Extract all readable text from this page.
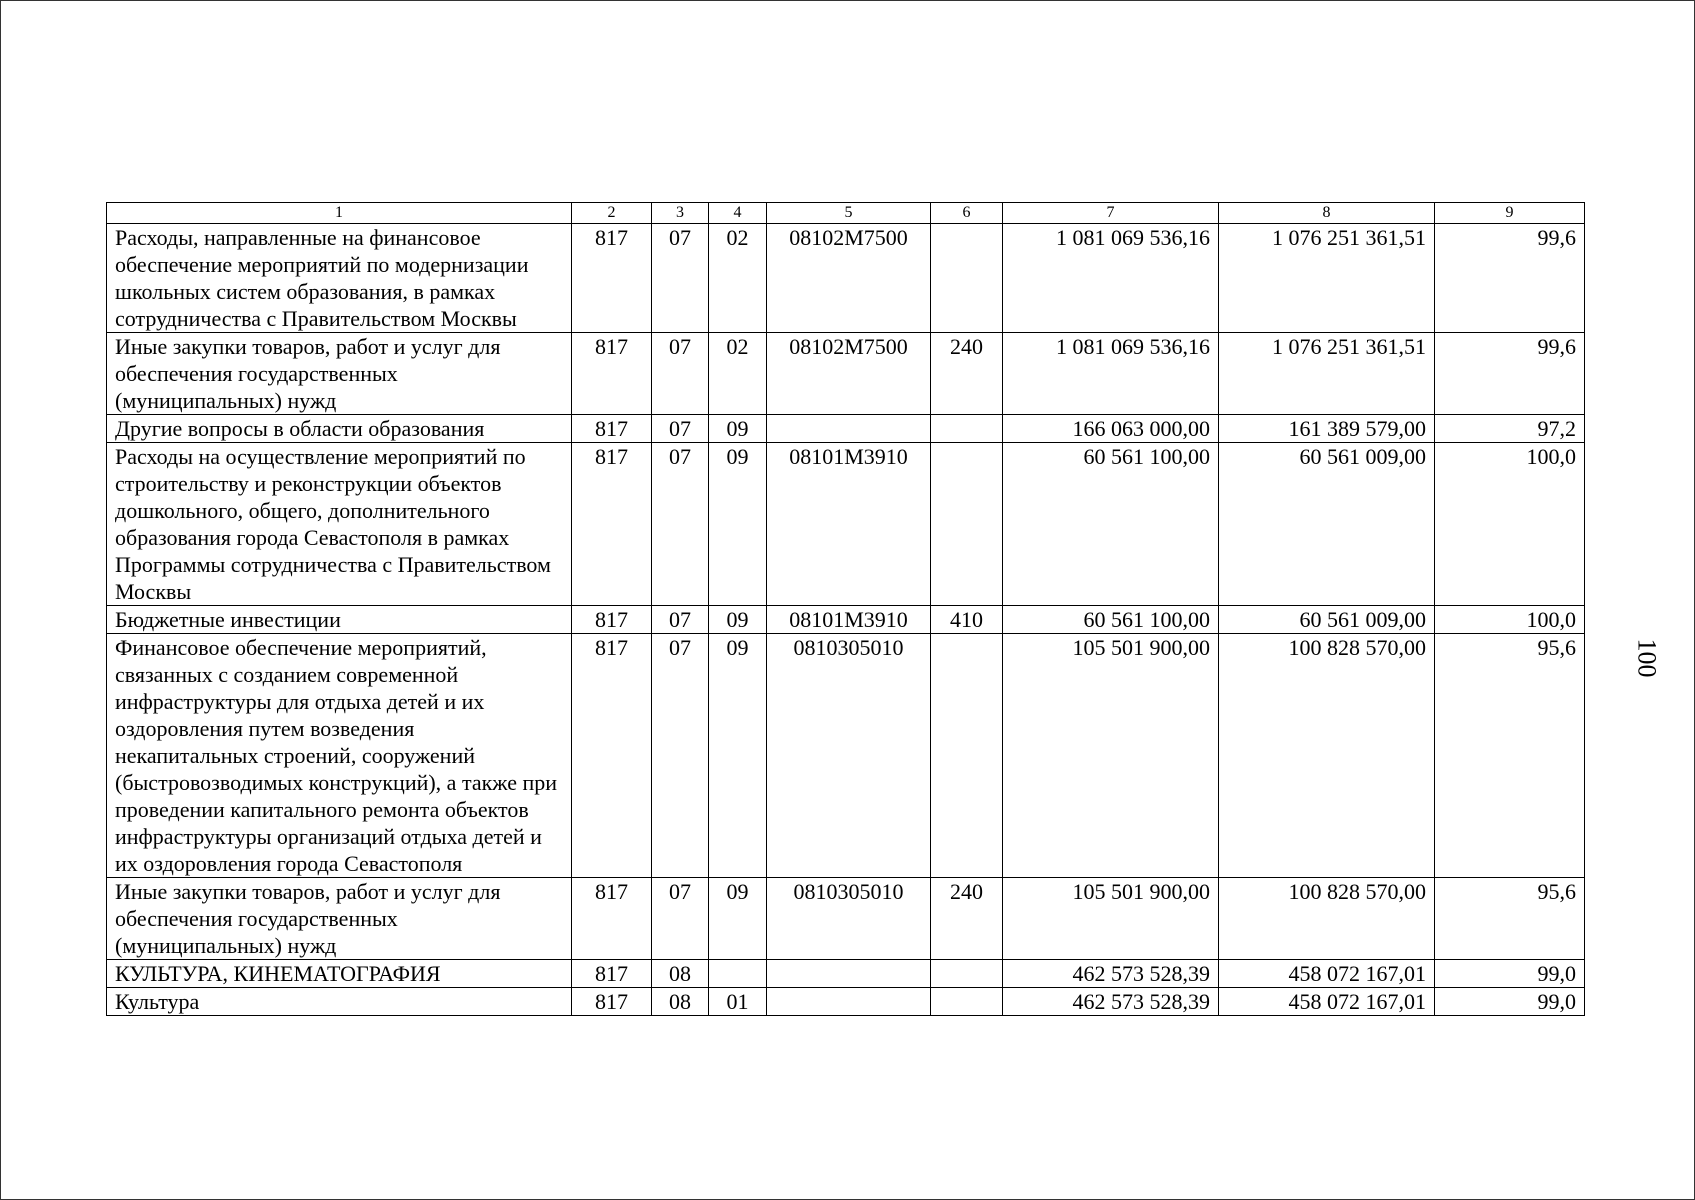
1	2	3	4	5	6	7	8	9
Расходы, направленные на финансовое обеспечение мероприятий по модернизации школьных систем образования, в рамках сотрудничества с Правительством Москвы	817	07	02	08102М7500		1 081 069 536,16	1 076 251 361,51	99,6
Иные закупки товаров, работ и услуг для обеспечения государственных (муниципальных) нужд	817	07	02	08102М7500	240	1 081 069 536,16	1 076 251 361,51	99,6
Другие вопросы в области образования	817	07	09			166 063 000,00	161 389 579,00	97,2
Расходы на осуществление мероприятий по строительству и реконструкции объектов дошкольного, общего, дополнительного образования города Севастополя в рамках Программы сотрудничества с Правительством Москвы	817	07	09	08101М3910		60 561 100,00	60 561 009,00	100,0
Бюджетные инвестиции	817	07	09	08101М3910	410	60 561 100,00	60 561 009,00	100,0
Финансовое обеспечение мероприятий, связанных с созданием современной инфраструктуры для отдыха детей и их оздоровления путем возведения некапитальных строений, сооружений (быстровозводимых конструкций), а также при проведении капитального ремонта объектов инфраструктуры организаций отдыха детей и их оздоровления города Севастополя	817	07	09	0810305010		105 501 900,00	100 828 570,00	95,6
Иные закупки товаров, работ и услуг для обеспечения государственных (муниципальных) нужд	817	07	09	0810305010	240	105 501 900,00	100 828 570,00	95,6
КУЛЬТУРА, КИНЕМАТОГРАФИЯ	817	08				462 573 528,39	458 072 167,01	99,0
Культура	817	08	01			462 573 528,39	458 072 167,01	99,0
100
